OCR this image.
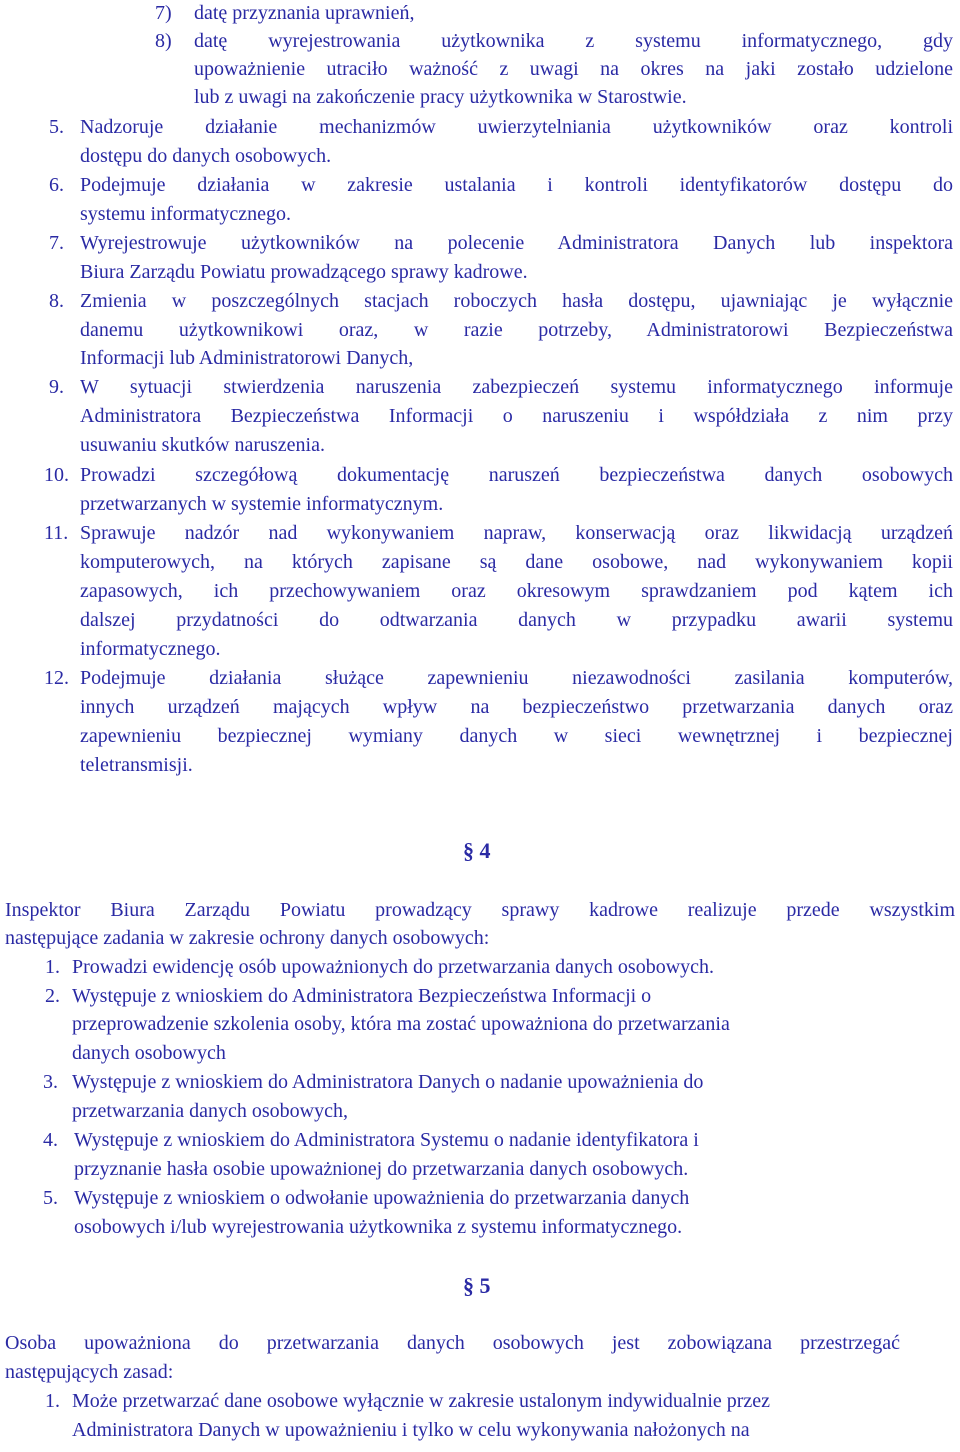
7) datę przyznania uprawnień,
8) datę wyrejestrowania użytkownika z systemu informatycznego, gdy
upoważnienie utraciło ważność z uwagi na okres na jaki zostało udzielone
lub z uwagi na zakończenie pracy użytkownika w Starostwie.
5. Nadzoruje działanie mechanizmów uwierzytelniania użytkowników oraz kontroli
dostępu do danych osobowych.
6. Podejmuje działania w zakresie ustalania i kontroli identyfikatorów dostępu do
systemu informatycznego.
7. Wyrejestrowuje użytkowników na polecenie Administratora Danych lub inspektora
Biura Zarządu Powiatu prowadzącego sprawy kadrowe.
8. Zmienia w poszczególnych stacjach roboczych hasła dostępu, ujawniając je wyłącznie
danemu użytkownikowi oraz, w razie potrzeby, Administratorowi Bezpieczeństwa
Informacji lub Administratorowi Danych,
9. W sytuacji stwierdzenia naruszenia zabezpieczeń systemu informatycznego informuje
Administratora Bezpieczeństwa Informacji o naruszeniu i współdziała z nim przy
usuwaniu skutków naruszenia.
10. Prowadzi szczegółową dokumentację naruszeń bezpieczeństwa danych osobowych
przetwarzanych w systemie informatycznym.
11. Sprawuje nadzór nad wykonywaniem napraw, konserwacją oraz likwidacją urządzeń
komputerowych, na których zapisane są dane osobowe, nad wykonywaniem kopii
zapasowych, ich przechowywaniem oraz okresowym sprawdzaniem pod kątem ich
dalszej przydatności do odtwarzania danych w przypadku awarii systemu
informatycznego.
12. Podejmuje działania służące zapewnieniu niezawodności zasilania komputerów,
innych urządzeń mających wpływ na bezpieczeństwo przetwarzania danych oraz
zapewnieniu bezpiecznej wymiany danych w sieci wewnętrznej i bezpiecznej
teletransmisji.
§ 4
Inspektor Biura Zarządu Powiatu prowadzący sprawy kadrowe realizuje przede wszystkim
następujące zadania w zakresie ochrony danych osobowych:
1. Prowadzi ewidencję osób upoważnionych do przetwarzania danych osobowych.
2. Występuje z wnioskiem do Administratora Bezpieczeństwa Informacji o
przeprowadzenie szkolenia osoby, która ma zostać upoważniona do przetwarzania
danych osobowych
3. Występuje z wnioskiem do Administratora Danych o nadanie upoważnienia do
przetwarzania danych osobowych,
4. Występuje z wnioskiem do Administratora Systemu o nadanie identyfikatora i
przyznanie hasła osobie upoważnionej do przetwarzania danych osobowych.
5. Występuje z wnioskiem o odwołanie upoważnienia do przetwarzania danych
osobowych i/lub wyrejestrowania użytkownika z systemu informatycznego.
§ 5
Osoba upoważniona do przetwarzania danych osobowych jest zobowiązana przestrzegać
następujących zasad:
1. Może przetwarzać dane osobowe wyłącznie w zakresie ustalonym indywidualnie przez
Administratora Danych w upoważnieniu i tylko w celu wykonywania nałożonych na
